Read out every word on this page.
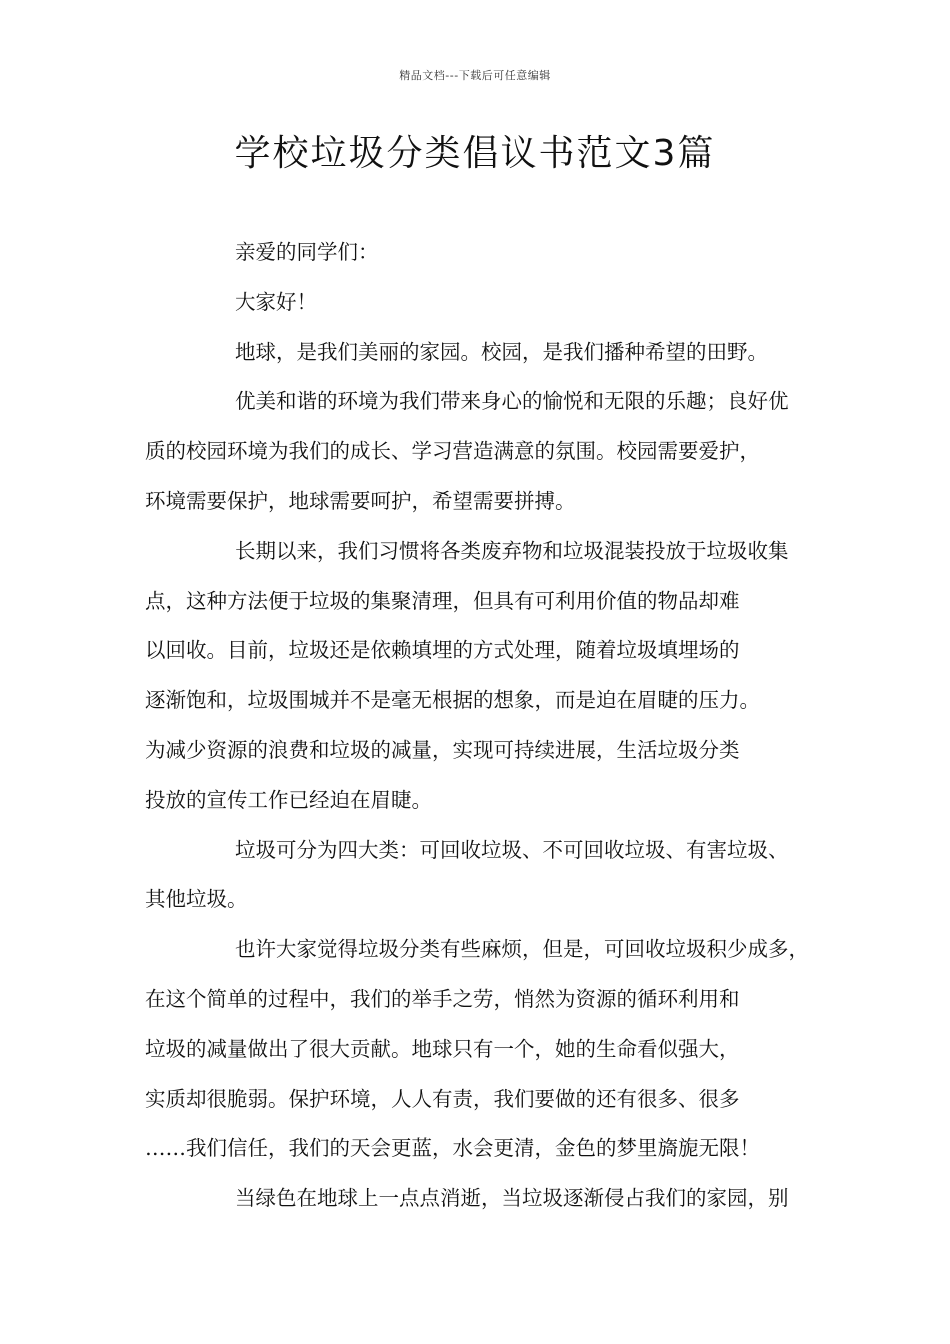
精品文档---下载后可任意编辑
学校垃圾分类倡议书范文3篇
亲爱的同学们：
大家好！
地球，是我们美丽的家园。校园，是我们播种希望的田野。
优美和谐的环境为我们带来身心的愉悦和无限的乐趣；良好优
质的校园环境为我们的成长、学习营造满意的氛围。校园需要爱护，
环境需要保护，地球需要呵护，希望需要拼搏。
长期以来，我们习惯将各类废弃物和垃圾混装投放于垃圾收集
点，这种方法便于垃圾的集聚清理，但具有可利用价值的物品却难
以回收。目前，垃圾还是依赖填埋的方式处理，随着垃圾填埋场的
逐渐饱和，垃圾围城并不是毫无根据的想象，而是迫在眉睫的压力。
为减少资源的浪费和垃圾的减量，实现可持续进展，生活垃圾分类
投放的宣传工作已经迫在眉睫。
垃圾可分为四大类：可回收垃圾、不可回收垃圾、有害垃圾、
其他垃圾。
也许大家觉得垃圾分类有些麻烦，但是，可回收垃圾积少成多，
在这个简单的过程中，我们的举手之劳，悄然为资源的循环利用和
垃圾的减量做出了很大贡献。地球只有一个，她的生命看似强大，
实质却很脆弱。保护环境，人人有责，我们要做的还有很多、很多
……我们信任，我们的天会更蓝，水会更清，金色的梦里旖旎无限！
当绿色在地球上一点点消逝，当垃圾逐渐侵占我们的家园，别
